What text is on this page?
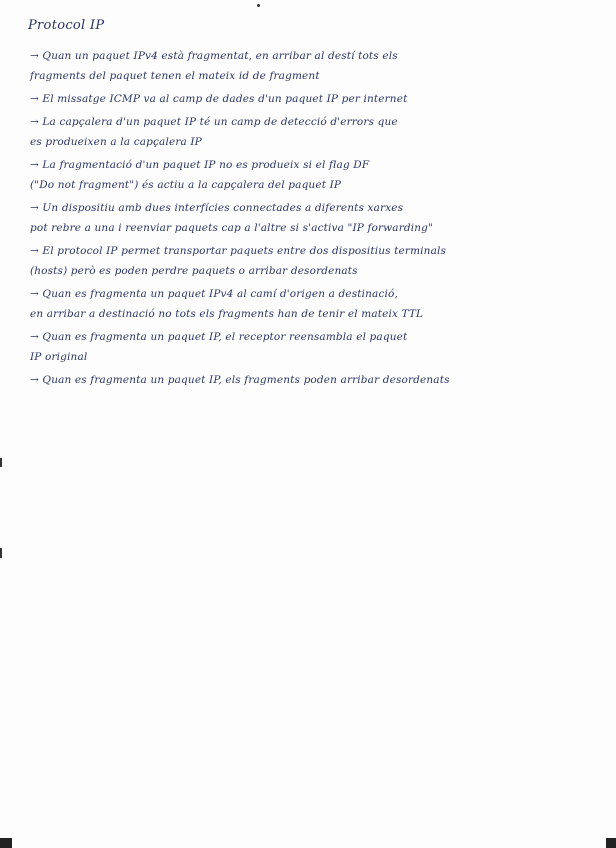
Protocol IP
→ Quan un paquet IPv4 està fragmentat, en arribar al destí tots els
fragments del paquet tenen el mateix id de fragment
→ El missatge ICMP va al camp de dades d'un paquet IP per internet
→ La capçalera d'un paquet IP té un camp de detecció d'errors que
es produeixen a la capçalera IP
→ La fragmentació d'un paquet IP no es produeix si el flag DF
("Do not fragment") és actiu a la capçalera del paquet IP
→ Un dispositiu amb dues interfícies connectades a diferents xarxes
pot rebre a una i reenviar paquets cap a l'altre si s'activa "IP forwarding"
→ El protocol IP permet transportar paquets entre dos dispositius terminals
(hosts) però es poden perdre paquets o arribar desordenats
→ Quan es fragmenta un paquet IPv4 al camí d'origen a destinació,
en arribar a destinació no tots els fragments han de tenir el mateix TTL
→ Quan es fragmenta un paquet IP, el receptor reensambla el paquet
IP original
→ Quan es fragmenta un paquet IP, els fragments poden arribar desordenats
